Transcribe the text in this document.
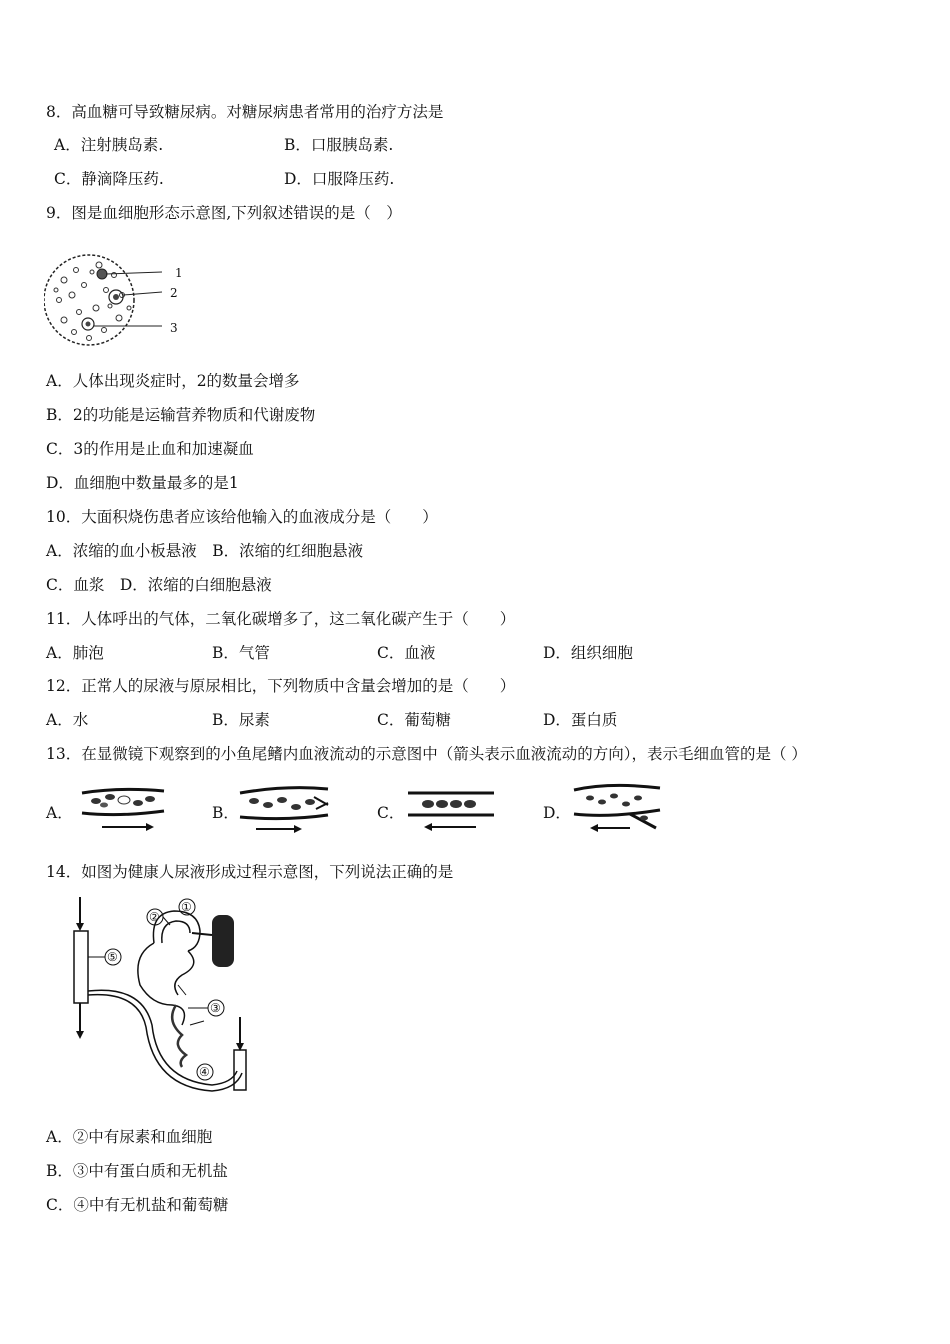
8．高血糖可导致糖尿病。对糖尿病患者常用的治疗方法是
A．注射胰岛素.	B．口服胰岛素.
C．静滴降压药.	D．口服降压药.
9．图是血细胞形态示意图,下列叙述错误的是（　）
1
2
3
A．人体出现炎症时，2的数量会增多
B．2的功能是运输营养物质和代谢废物
C．3的作用是止血和加速凝血
D．血细胞中数量最多的是1
10．大面积烧伤患者应该给他输入的血液成分是（　　）
A．浓缩的血小板悬液　B．浓缩的红细胞悬液
C．血浆　D．浓缩的白细胞悬液
11．人体呼出的气体，二氧化碳增多了，这二氧化碳产生于（　　）
A．肺泡	B．气管	C．血液	D．组织细胞
12．正常人的尿液与原尿相比，下列物质中含量会增加的是（　　）
A．水	B．尿素	C．葡萄糖	D．蛋白质
13．在显微镜下观察到的小鱼尾鳍内血液流动的示意图中（箭头表示血液流动的方向），表示毛细血管的是（ ）
A．	B．	C．	D．
14．如图为健康人尿液形成过程示意图，下列说法正确的是
①
②
③
④
⑤
A．②中有尿素和血细胞
B．③中有蛋白质和无机盐
C．④中有无机盐和葡萄糖
